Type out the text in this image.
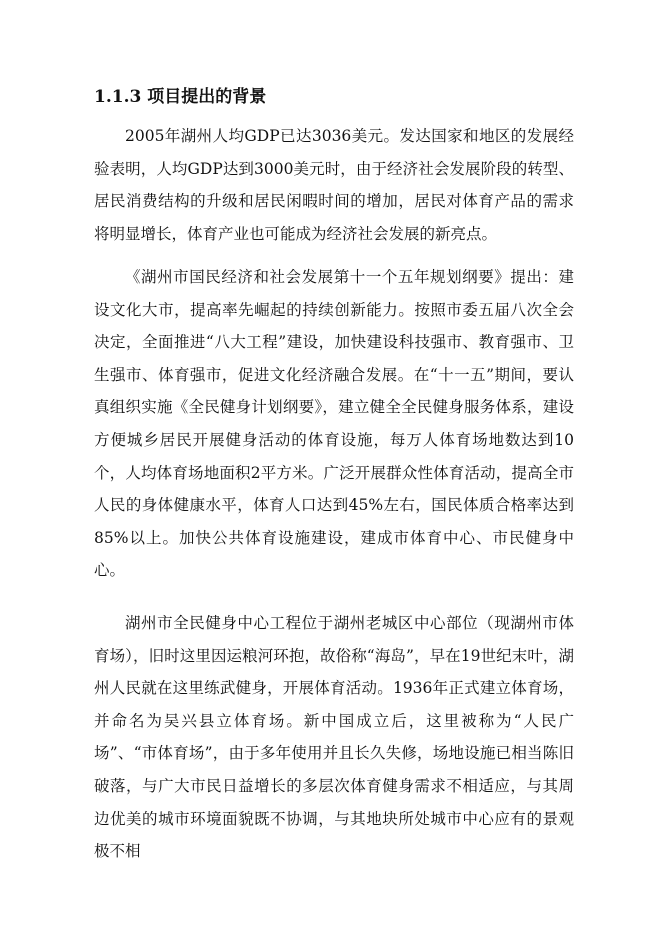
1.1.3 项目提出的背景

2005年湖州人均GDP已达3036美元。发达国家和地区的发展经验表明，人均GDP达到3000美元时，由于经济社会发展阶段的转型、居民消费结构的升级和居民闲暇时间的增加，居民对体育产品的需求将明显增长，体育产业也可能成为经济社会发展的新亮点。

《湖州市国民经济和社会发展第十一个五年规划纲要》提出：建设文化大市，提高率先崛起的持续创新能力。按照市委五届八次全会决定，全面推进“八大工程”建设，加快建设科技强市、教育强市、卫生强市、体育强市，促进文化经济融合发展。在“十一五”期间，要认真组织实施《全民健身计划纲要》，建立健全全民健身服务体系，建设方便城乡居民开展健身活动的体育设施，每万人体育场地数达到10个，人均体育场地面积2平方米。广泛开展群众性体育活动，提高全市人民的身体健康水平，体育人口达到45%左右，国民体质合格率达到85%以上。加快公共体育设施建设，建成市体育中心、市民健身中心。

湖州市全民健身中心工程位于湖州老城区中心部位（现湖州市体育场），旧时这里因运粮河环抱，故俗称“海岛”，早在19世纪末叶，湖州人民就在这里练武健身，开展体育活动。1936年正式建立体育场，并命名为吴兴县立体育场。新中国成立后，这里被称为“人民广场”、“市体育场”，由于多年使用并且长久失修，场地设施已相当陈旧破落，与广大市民日益增长的多层次体育健身需求不相适应，与其周边优美的城市环境面貌既不协调，与其地块所处城市中心应有的景观极不相
